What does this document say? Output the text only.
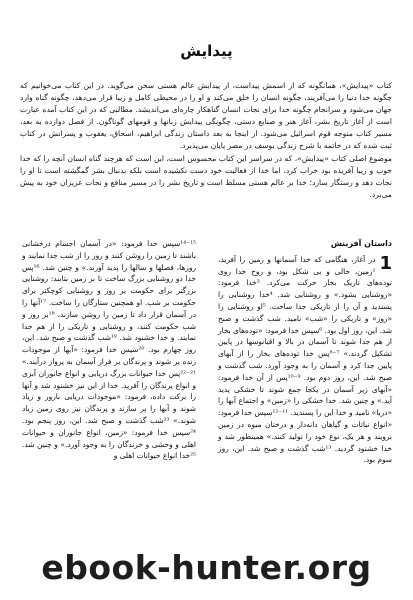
پیدایش

کتاب «پیدایش»، همانگونه که از اسمش پیداست، از پیدایش عالم هستی سخن می‌گوید. در این کتاب می‌خوانیم که چگونه خدا دنیا را می‌آفریند، چگونه انسان را خلق می‌کند و او را در محیطی کامل و زیبا قرار می‌دهد، چگونه گناه وارد جهان می‌شود و سرانجام چگونه خدا برای نجات انسان گناهکار چاره‌ای می‌اندیشد. مطالبی که در این کتاب آمده عبارت است از آغاز تاریخ بشر، آغاز هنر و صنایع دستی، چگونگی پیدایش زبانها و قومهای گوناگون. از فصل دوازده به بعد، مسیر کتاب متوجه قوم اسرائیل می‌شود. از اینجا به بعد داستان زندگی ابراهیم، اسحاق، یعقوب و پسرانش در کتاب ثبت شده که در خاتمه با شرح زندگی یوسف در مصر پایان می‌پذیرد.

موضوع اصلی کتاب «پیدایش»، که در سراسر این کتاب محسوس است، این است که هرچند گناه انسان آنچه را که خدا خوب و زیبا آفریده بود خراب کرد، اما خدا از فعالیت خود دست نکشیده است بلکه بدنبال بشر گمگشته است تا او را نجات دهد و رستگار سازد؛ خدا بر عالم هستی مسلط است و تاریخ بشر را در مسیر منافع و نجات عزیزان خود به پیش می‌برد.

داستان آفرینش
1
در آغاز، هنگامی که خدا آسمانها و زمین را آفرید، ²زمین، خالی و بی شکل بود، و روح خدا روی توده‌های تاریک بخار حرکت می‌کرد. ³خدا فرمود: «روشنایی بشود.» و روشنایی شد. ⁴خدا روشنایی را پسندید و آن را از تاریکی جدا ساخت. ⁵او روشنایی را «روز» و تاریکی را «شب» نامید. شب گذشت و صبح شد. این، روز اول بود. ⁶سپس خدا فرمود: «توده‌های بخار از هم جدا شوند تا آسمان در بالا و اقیانوسها در پایین تشکیل گردند.» ⁷⁻⁸پس خدا توده‌های بخار را از آبهای پایین جدا کرد و آسمان را به وجود آورد. شب گذشت و صبح شد. این، روز دوم بود. ⁹⁻¹⁰پس از آن خدا فرمود: «آبهای زیر آسمان در یکجا جمع شوند تا خشکی پدید آید.» و چنین شد. خدا خشکی را «زمین» و اجتماع آبها را «دریا» نامید و خدا این را پسندید. ¹¹⁻¹²سپس خدا فرمود: «انواع نباتات و گیاهان دانه‌دار و درختان میوه در زمین برویند و هر یک، نوع خود را تولید کنند.» همینطور شد و خدا خشنود گردید. ¹³شب گذشت و صبح شد. این، روز سوم بود.
¹⁴⁻¹⁵سپس خدا فرمود: «در آسمان اجسام درخشانی باشند تا زمین را روشن کنند و روز را از شب جدا نمایند و روزها، فصلها و سالها را پدید آورند.» و چنین شد. ¹⁶پس خدا دو روشنایی بزرگ ساخت تا بر زمین بتابند: روشنایی بزرگتر برای حکومت بر روز و روشنایی کوچکتر برای حکومت بر شب. او همچنین ستارگان را ساخت. ¹⁷آنها را در آسمان قرار داد تا زمین را روشن سازند، ¹⁸بر روز و شب حکومت کنند، و روشنایی و تاریکی را از هم جدا نمایند. و خدا خشنود شد. ¹⁹شب گذشت و صبح شد. این، روز چهارم بود. ²⁰سپس خدا فرمود: «آبها از موجودات زنده پر شوند و پرندگان بر فراز آسمان به پرواز درآیند.» ²¹⁻²²پس خدا حیوانات بزرگ دریایی و انواع جانوران آبزی و انواع پرندگان را آفرید. خدا از این نیز خشنود شد و آنها را برکت داده، فرمود: «موجودات دریایی بارور و زیاد شوند و آبها را پر سازند و پرندگان نیز روی زمین زیاد شوند.» ²³شب گذشت و صبح شد. این، روز پنجم بود. ²⁴سپس خدا فرمود: «زمین، انواع جانوران و حیوانات اهلی و وحشی و خزندگان را به وجود آورد.» و چنین شد. ²⁵خدا انواع حیوانات اهلی و
ebook-hunter.org
